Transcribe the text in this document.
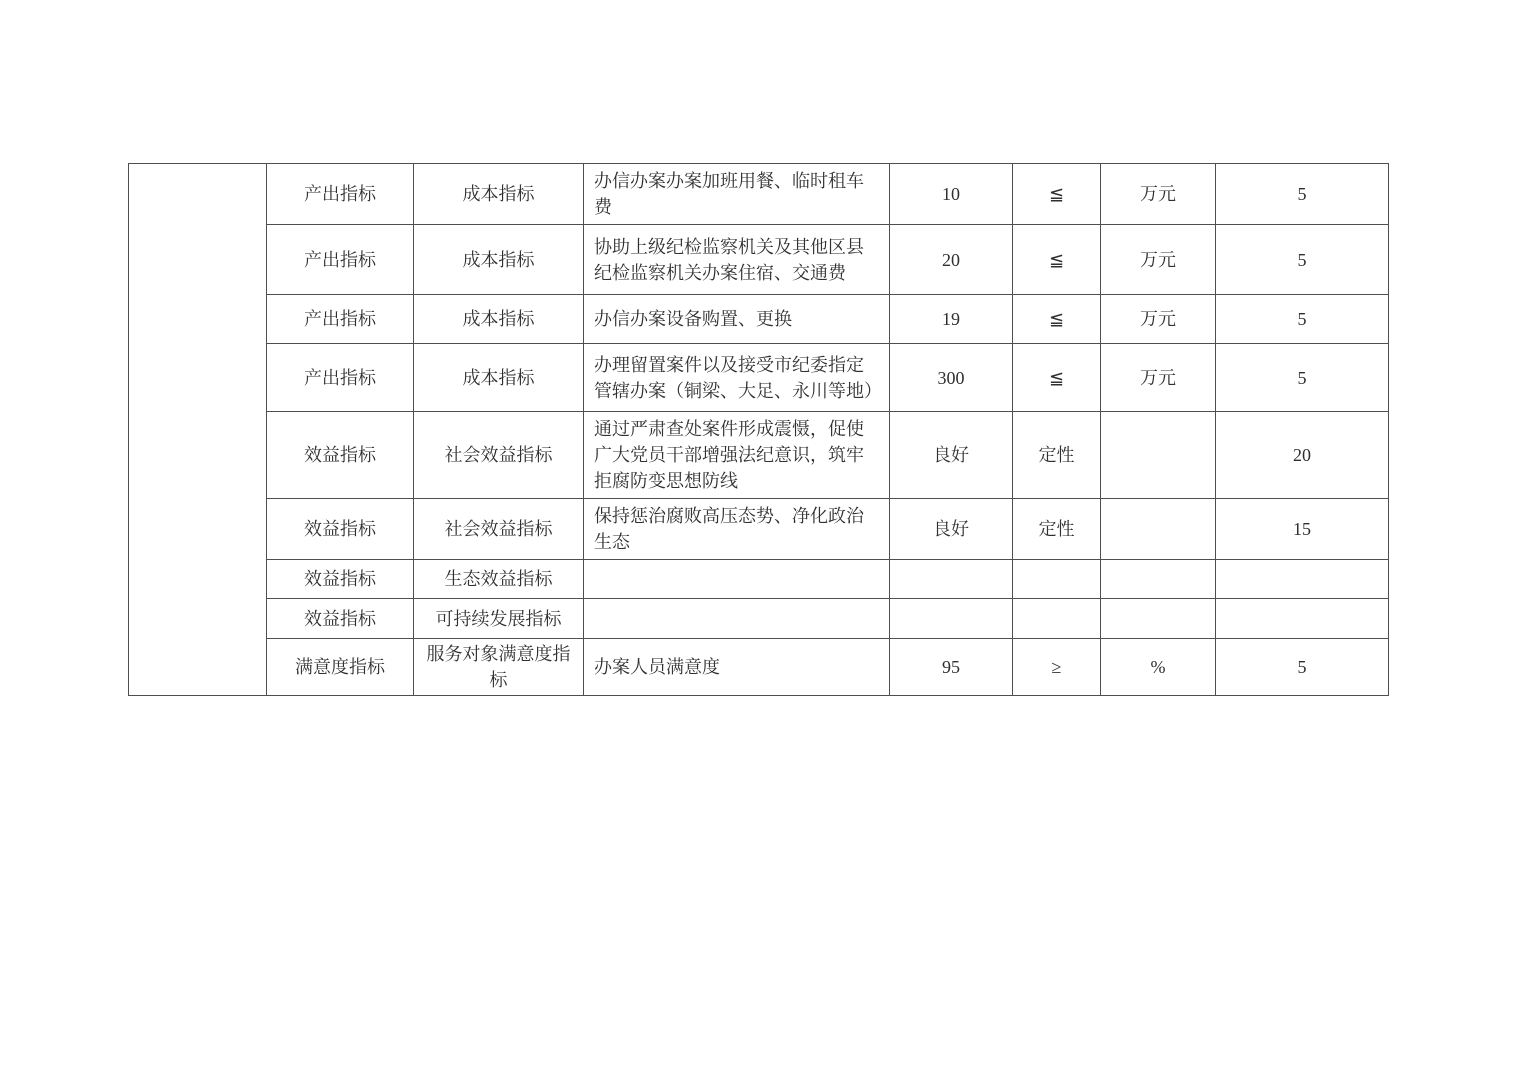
	产出指标	成本指标	办信办案办案加班用餐、临时租车费	10	≦	万元	5
	产出指标	成本指标	协助上级纪检监察机关及其他区县纪检监察机关办案住宿、交通费	20	≦	万元	5
	产出指标	成本指标	办信办案设备购置、更换	19	≦	万元	5
	产出指标	成本指标	办理留置案件以及接受市纪委指定管辖办案（铜梁、大足、永川等地）	300	≦	万元	5
	效益指标	社会效益指标	通过严肃查处案件形成震慑，促使广大党员干部增强法纪意识，筑牢拒腐防变思想防线	良好	定性		20
	效益指标	社会效益指标	保持惩治腐败高压态势、净化政治生态	良好	定性		15
	效益指标	生态效益指标					
	效益指标	可持续发展指标					
	满意度指标	服务对象满意度指标	办案人员满意度	95	≥	%	5
